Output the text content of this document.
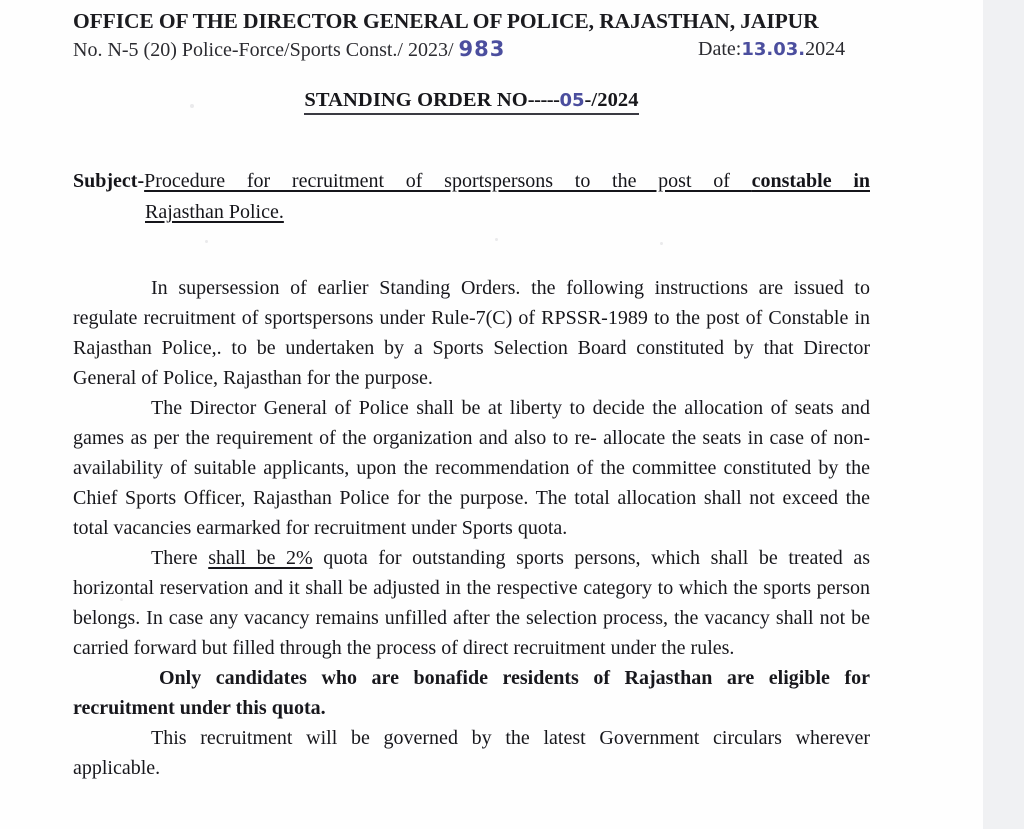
OFFICE OF THE DIRECTOR GENERAL OF POLICE, RAJASTHAN, JAIPUR
No. N-5 (20) Police-Force/Sports Const./ 2023/ 983	Date:13.03.2024
STANDING ORDER NO-----05-/2024
Subject- Procedure for recruitment of sportspersons to the post of constable in
Rajasthan Police.

In supersession of earlier Standing Orders. the following instructions are issued to regulate recruitment of sportspersons under Rule-7(C) of RPSSR-1989 to the post of Constable in Rajasthan Police,. to be undertaken by a Sports Selection Board constituted by that Director General of Police, Rajasthan for the purpose.

The Director General of Police shall be at liberty to decide the allocation of seats and games as per the requirement of the organization and also to re- allocate the seats in case of non-availability of suitable applicants, upon the recommendation of the committee constituted by the Chief Sports Officer, Rajasthan Police for the purpose. The total allocation shall not exceed the total vacancies earmarked for recruitment under Sports quota.

There shall be 2% quota for outstanding sports persons, which shall be treated as horizontal reservation and it shall be adjusted in the respective category to which the sports person belongs. In case any vacancy remains unfilled after the selection process, the vacancy shall not be carried forward but filled through the process of direct recruitment under the rules.

Only candidates who are bonafide residents of Rajasthan are eligible for recruitment under this quota.

This recruitment will be governed by the latest Government circulars wherever applicable.
